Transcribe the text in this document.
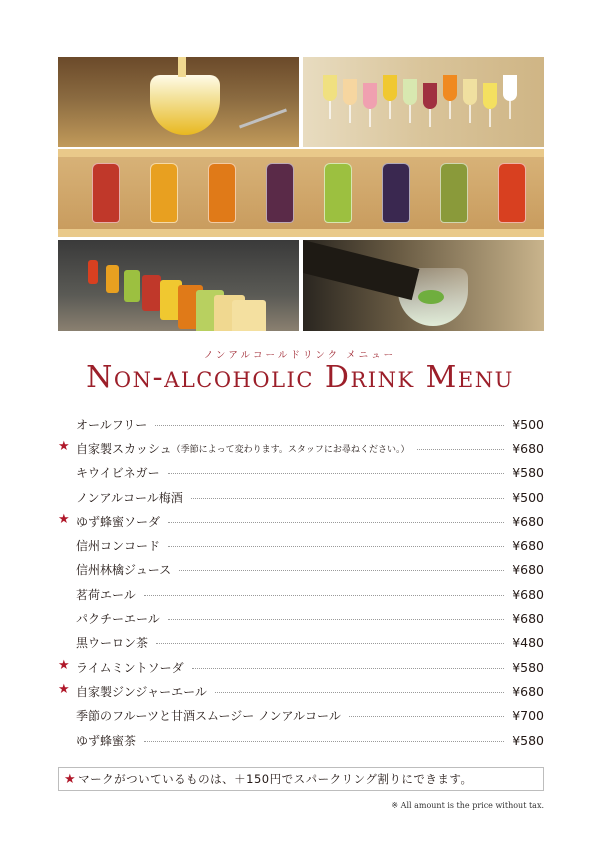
ノンアルコールドリンク メニュー
Non-alcoholic Drink Menu
オールフリー	¥500
★ 自家製スカッシュ （季節によって変わります。スタッフにお尋ねください。）	¥680
キウイビネガー	¥580
ノンアルコール梅酒	¥500
★ ゆず蜂蜜ソーダ	¥680
信州コンコード	¥680
信州林檎ジュース	¥680
茗荷エール	¥680
パクチーエール	¥680
黒ウーロン茶	¥480
★ ライムミントソーダ	¥580
★ 自家製ジンジャーエール	¥680
季節のフルーツと甘酒スムージー ノンアルコール	¥700
ゆず蜂蜜茶	¥580
★ マークがついているものは、＋150円でスパークリング割りにできます。
※ All amount is the price without tax.
